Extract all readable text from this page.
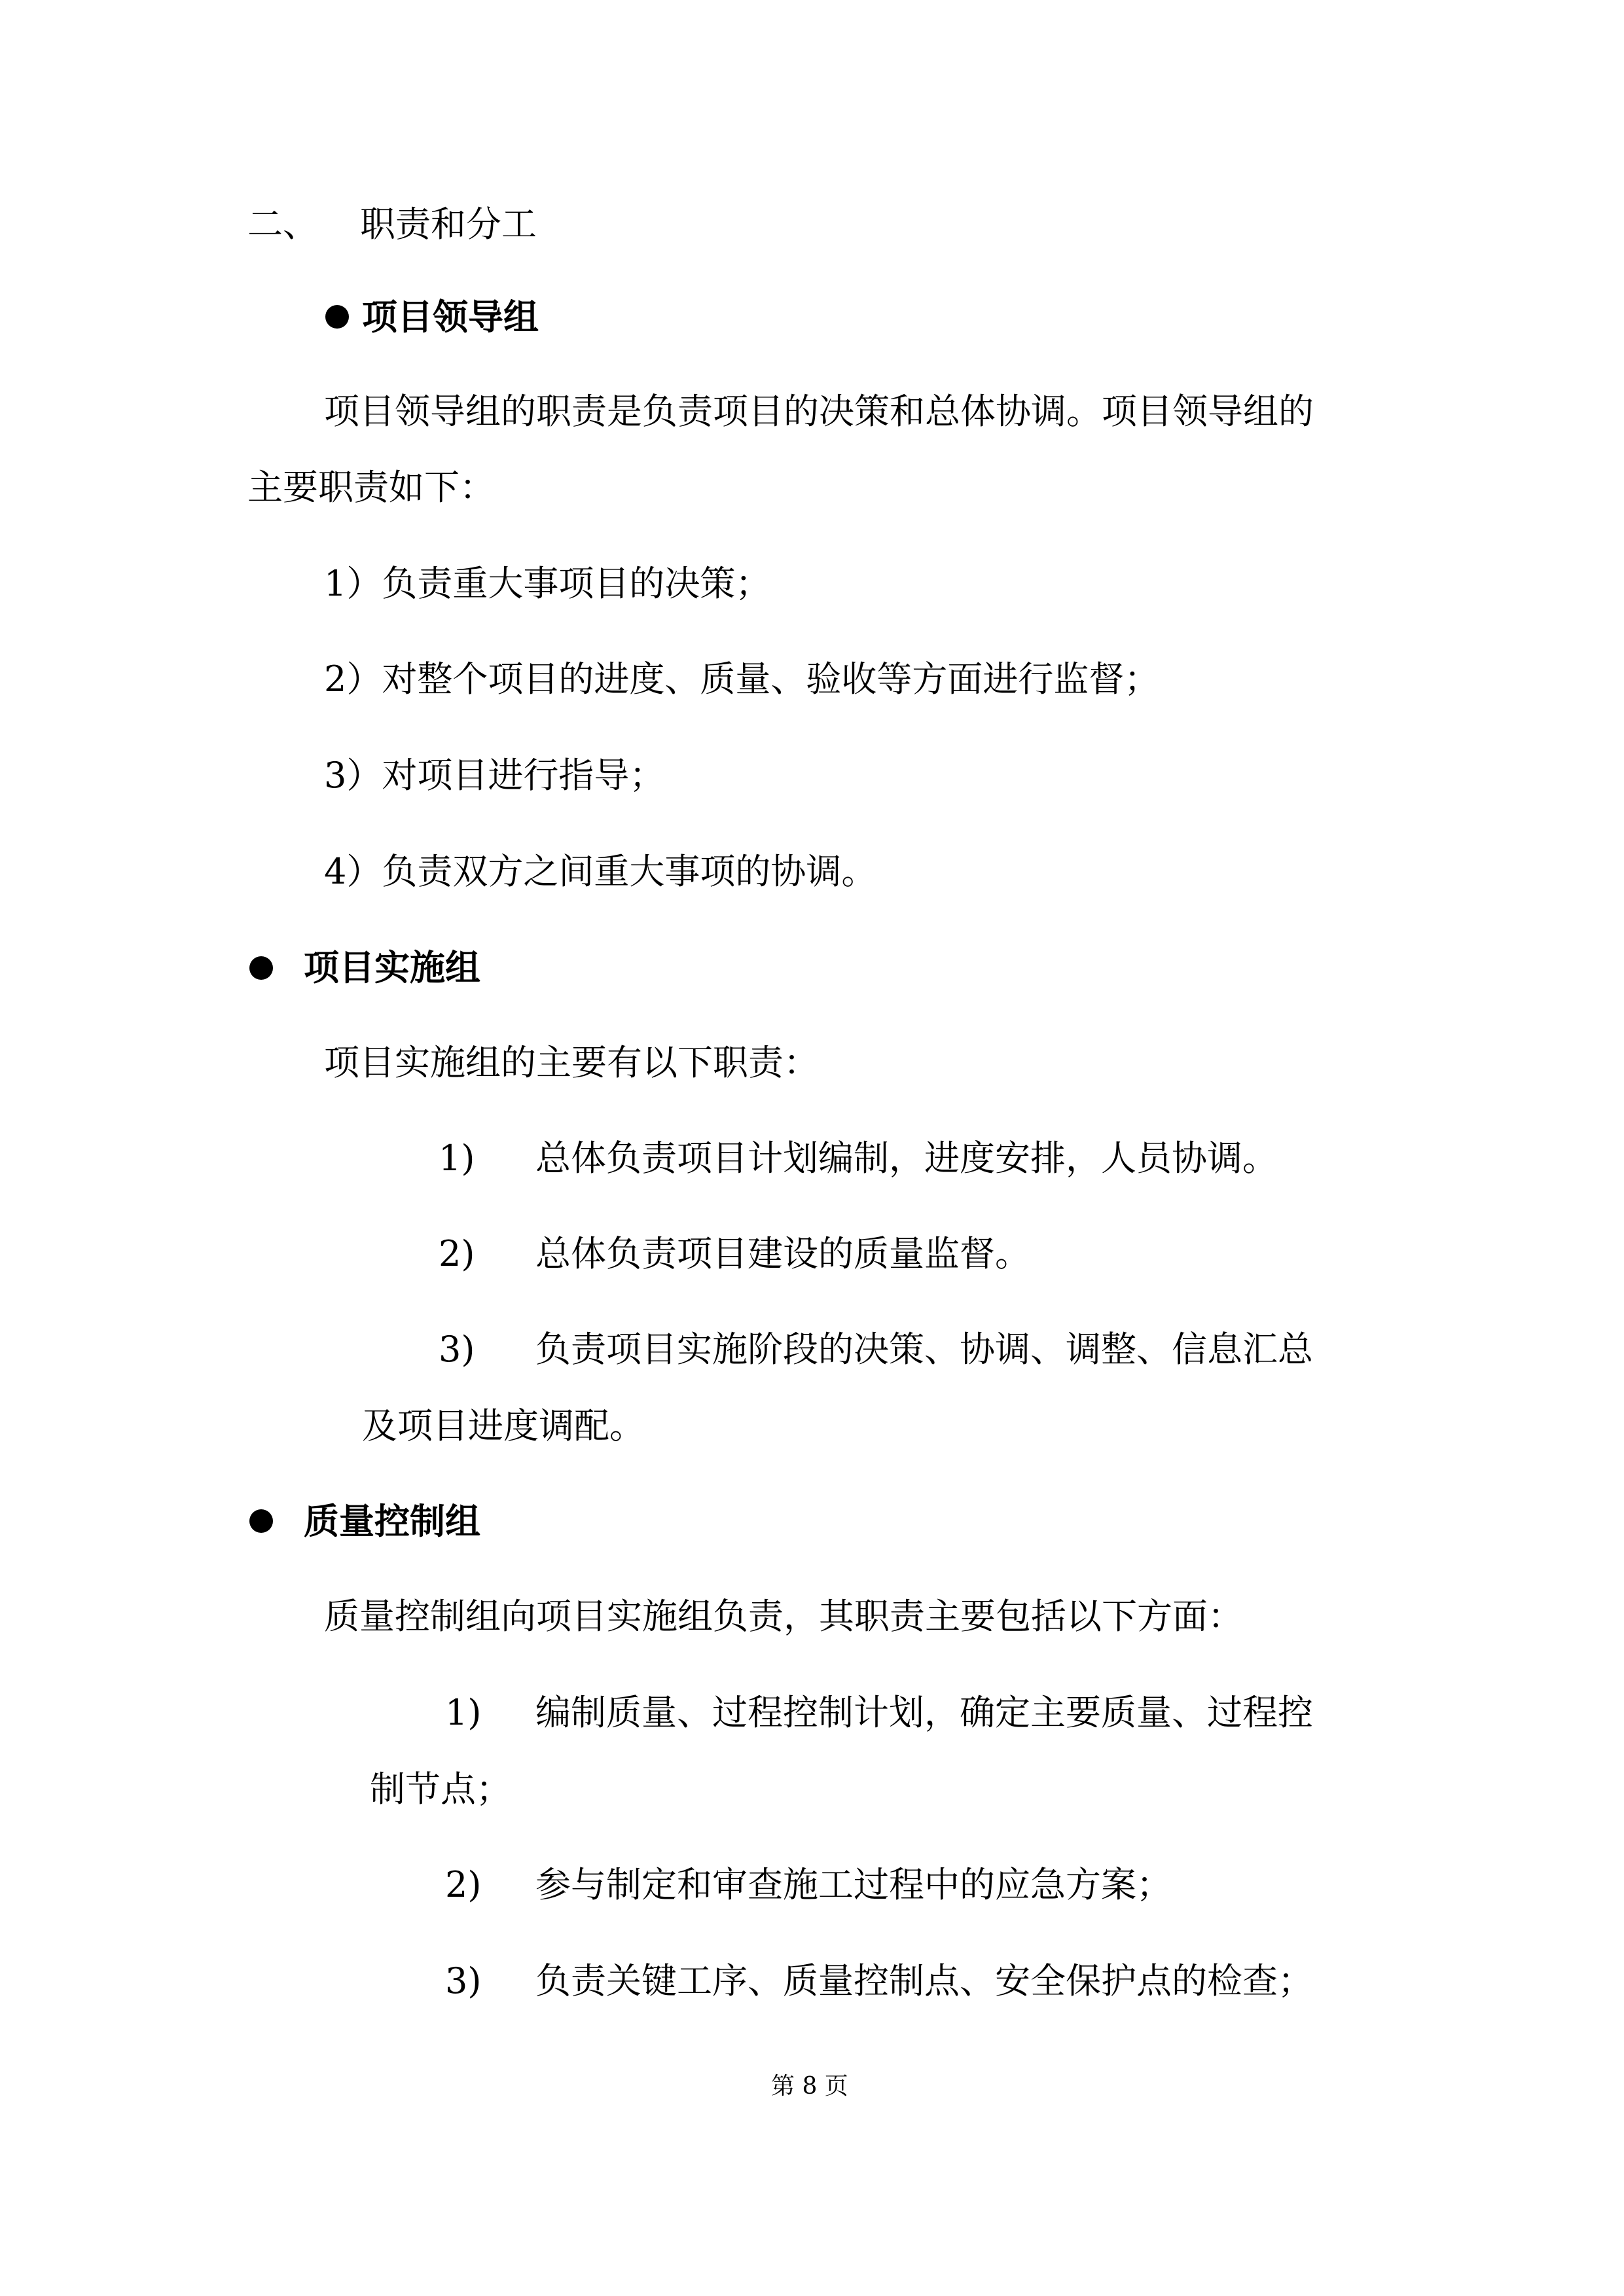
二、 职责和分工
项目领导组
项目领导组的职责是负责项目的决策和总体协调。项目领导组的
主要职责如下：
1）负责重大事项目的决策；
2）对整个项目的进度、质量、验收等方面进行监督；
3）对项目进行指导；
4）负责双方之间重大事项的协调。
项目实施组
项目实施组的主要有以下职责：
1) 总体负责项目计划编制，进度安排，人员协调。
2) 总体负责项目建设的质量监督。
3) 负责项目实施阶段的决策、协调、调整、信息汇总
及项目进度调配。
质量控制组
质量控制组向项目实施组负责，其职责主要包括以下方面：
1) 编制质量、过程控制计划，确定主要质量、过程控
制节点；
2) 参与制定和审查施工过程中的应急方案；
3) 负责关键工序、质量控制点、安全保护点的检查；
第 8 页
